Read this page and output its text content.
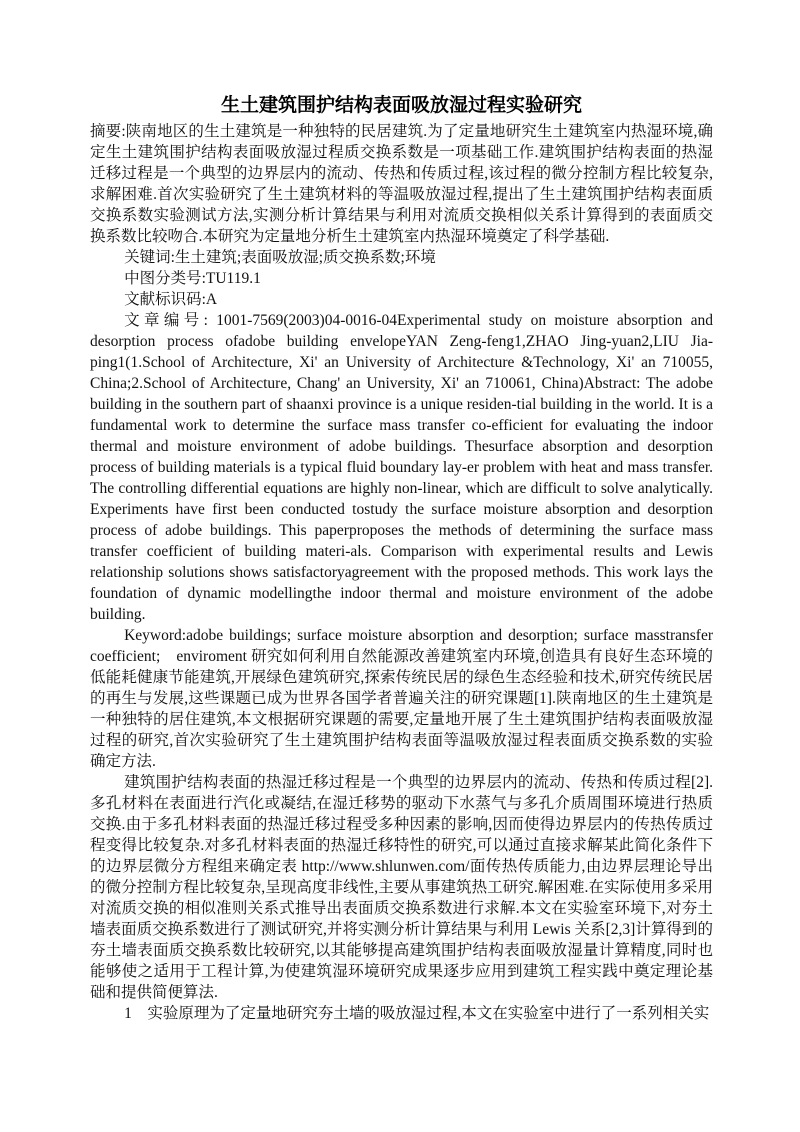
生土建筑围护结构表面吸放湿过程实验研究

摘要:陕南地区的生土建筑是一种独特的民居建筑.为了定量地研究生土建筑室内热湿环境,确定生土建筑围护结构表面吸放湿过程质交换系数是一项基础工作.建筑围护结构表面的热湿迁移过程是一个典型的边界层内的流动、传热和传质过程,该过程的微分控制方程比较复杂,求解困难.首次实验研究了生土建筑材料的等温吸放湿过程,提出了生土建筑围护结构表面质交换系数实验测试方法,实测分析计算结果与利用对流质交换相似关系计算得到的表面质交换系数比较吻合.本研究为定量地分析生土建筑室内热湿环境奠定了科学基础.

关键词:生土建筑;表面吸放湿;质交换系数;环境

中图分类号:TU119.1

文献标识码:A

文章编号: 1001-7569(2003)04-0016-04Experimental study on moisture absorption and desorption process ofadobe building envelopeYAN Zeng-feng1,ZHAO Jing-yuan2,LIU Jia-ping1(1.School of Architecture, Xi' an University of Architecture &Technology, Xi' an 710055, China;2.School of Architecture, Chang' an University, Xi' an 710061, China)Abstract: The adobe building in the southern part of shaanxi province is a unique residen-tial building in the world. It is a fundamental work to determine the surface mass transfer co-efficient for evaluating the indoor thermal and moisture environment of adobe buildings. Thesurface absorption and desorption process of building materials is a typical fluid boundary lay-er problem with heat and mass transfer. The controlling differential equations are highly non-linear, which are difficult to solve analytically. Experiments have first been conducted tostudy the surface moisture absorption and desorption process of adobe buildings. This paperproposes the methods of determining the surface mass transfer coefficient of building materi-als. Comparison with experimental results and Lewis relationship solutions shows satisfactoryagreement with the proposed methods. This work lays the foundation of dynamic modellingthe indoor thermal and moisture environment of the adobe building.

Keyword:adobe buildings; surface moisture absorption and desorption; surface masstransfer coefficient;　enviroment 研究如何利用自然能源改善建筑室内环境,创造具有良好生态环境的低能耗健康节能建筑,开展绿色建筑研究,探索传统民居的绿色生态经验和技术,研究传统民居的再生与发展,这些课题已成为世界各国学者普遍关注的研究课题[1].陕南地区的生土建筑是一种独特的居住建筑,本文根据研究课题的需要,定量地开展了生土建筑围护结构表面吸放湿过程的研究,首次实验研究了生土建筑围护结构表面等温吸放湿过程表面质交换系数的实验确定方法.

建筑围护结构表面的热湿迁移过程是一个典型的边界层内的流动、传热和传质过程[2].多孔材料在表面进行汽化或凝结,在湿迁移势的驱动下水蒸气与多孔介质周围环境进行热质交换.由于多孔材料表面的热湿迁移过程受多种因素的影响,因而使得边界层内的传热传质过程变得比较复杂.对多孔材料表面的热湿迁移特性的研究,可以通过直接求解某此简化条件下的边界层微分方程组来确定表 http://www.shlunwen.com/面传热传质能力,由边界层理论导出的微分控制方程比较复杂,呈现高度非线性,主要从事建筑热工研究.解困难.在实际使用多采用对流质交换的相似准则关系式推导出表面质交换系数进行求解.本文在实验室环境下,对夯土墙表面质交换系数进行了测试研究,并将实测分析计算结果与利用 Lewis 关系[2,3]计算得到的夯土墙表面质交换系数比较研究,以其能够提高建筑围护结构表面吸放湿量计算精度,同时也能够使之适用于工程计算,为使建筑湿环境研究成果逐步应用到建筑工程实践中奠定理论基础和提供简便算法.

1　实验原理为了定量地研究夯土墙的吸放湿过程,本文在实验室中进行了一系列相关实
